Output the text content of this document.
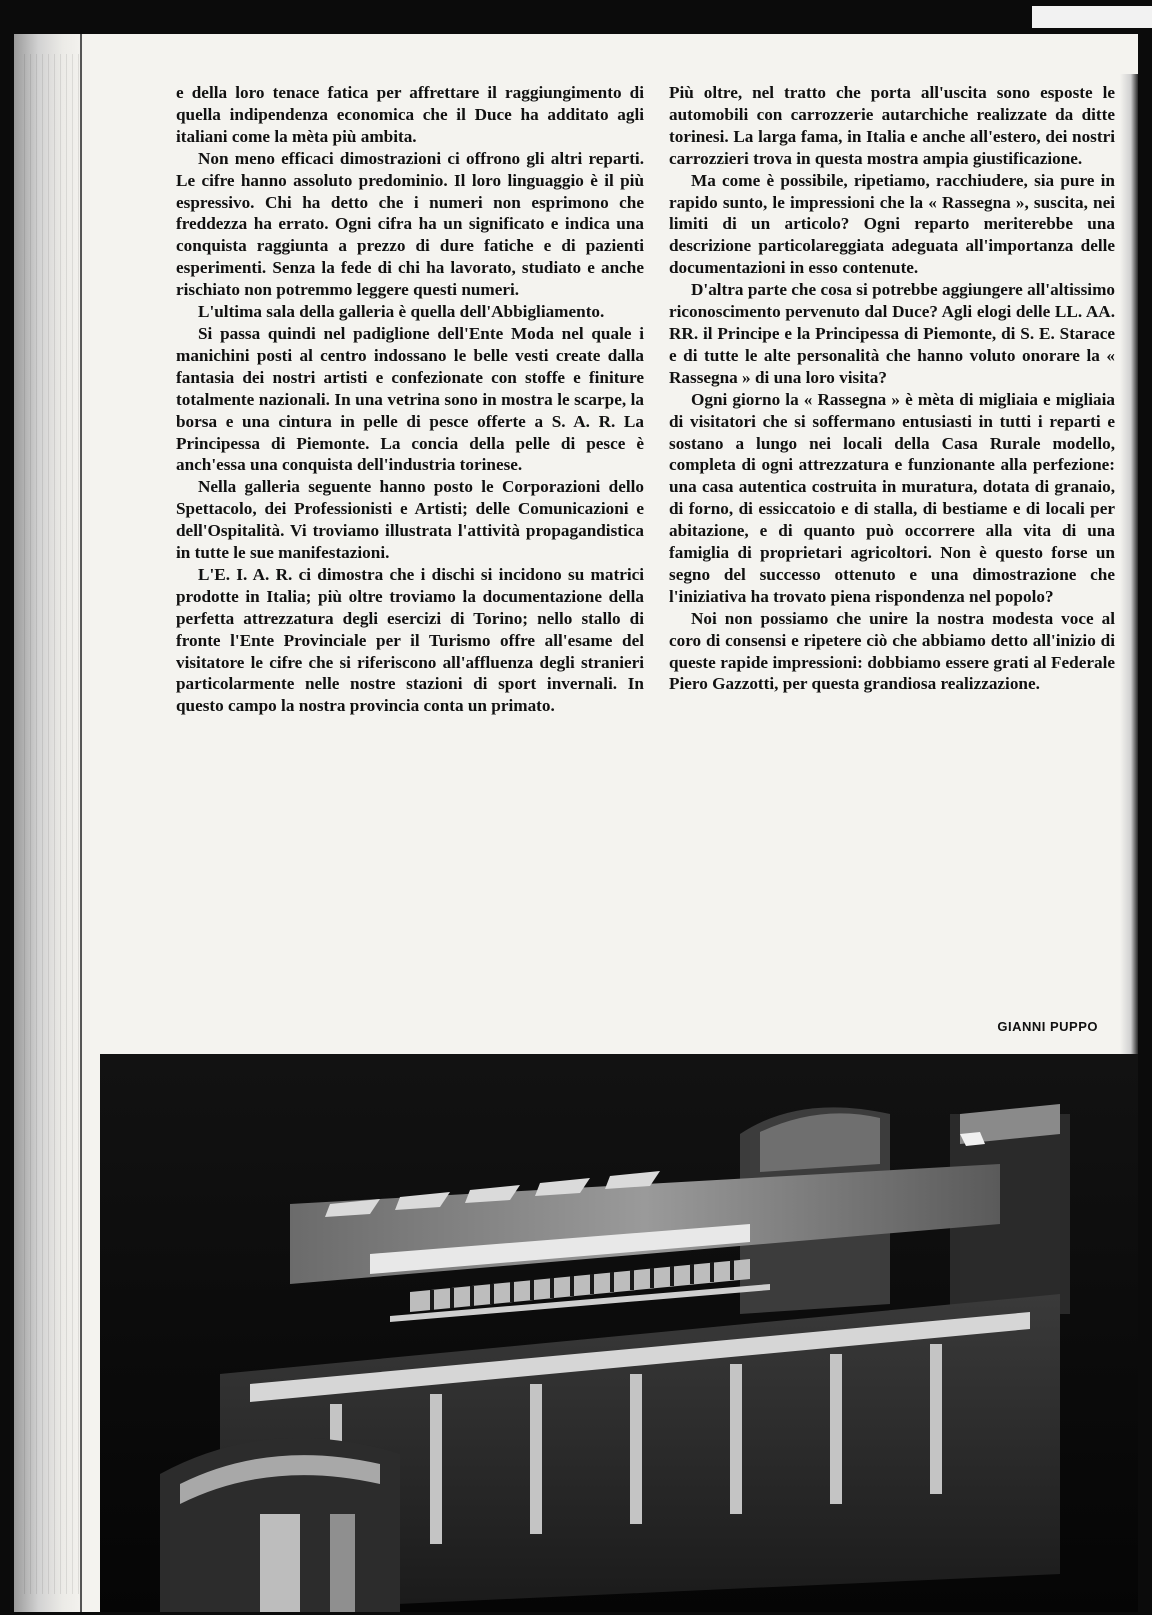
e della loro tenace fatica per affrettare il raggiungimento di quella indipendenza economica che il Duce ha additato agli italiani come la mèta più ambita.

Non meno efficaci dimostrazioni ci offrono gli altri reparti. Le cifre hanno assoluto predominio. Il loro linguaggio è il più espressivo. Chi ha detto che i numeri non esprimono che freddezza ha errato. Ogni cifra ha un significato e indica una conquista raggiunta a prezzo di dure fatiche e di pazienti esperimenti. Senza la fede di chi ha lavorato, studiato e anche rischiato non potremmo leggere questi numeri.

L'ultima sala della galleria è quella dell'Abbigliamento.

Si passa quindi nel padiglione dell'Ente Moda nel quale i manichini posti al centro indossano le belle vesti create dalla fantasia dei nostri artisti e confezionate con stoffe e finiture totalmente nazionali. In una vetrina sono in mostra le scarpe, la borsa e una cintura in pelle di pesce offerte a S. A. R. La Principessa di Piemonte. La concia della pelle di pesce è anch'essa una conquista dell'industria torinese.

Nella galleria seguente hanno posto le Corporazioni dello Spettacolo, dei Professionisti e Artisti; delle Comunicazioni e dell'Ospitalità. Vi troviamo illustrata l'attività propagandistica in tutte le sue manifestazioni.

L'E. I. A. R. ci dimostra che i dischi si incidono su matrici prodotte in Italia; più oltre troviamo la documentazione della perfetta attrezzatura degli esercizi di Torino; nello stallo di fronte l'Ente Provinciale per il Turismo offre all'esame del visitatore le cifre che si riferiscono all'affluenza degli stranieri particolarmente nelle nostre stazioni di sport invernali. In questo campo la nostra provincia conta un primato.

Più oltre, nel tratto che porta all'uscita sono esposte le automobili con carrozzerie autarchiche realizzate da ditte torinesi. La larga fama, in Italia e anche all'estero, dei nostri carrozzieri trova in questa mostra ampia giustificazione.

Ma come è possibile, ripetiamo, racchiudere, sia pure in rapido sunto, le impressioni che la « Rassegna », suscita, nei limiti di un articolo? Ogni reparto meriterebbe una descrizione particolareggiata adeguata all'importanza delle documentazioni in esso contenute.

D'altra parte che cosa si potrebbe aggiungere all'altissimo riconoscimento pervenuto dal Duce? Agli elogi delle LL. AA. RR. il Principe e la Principessa di Piemonte, di S. E. Starace e di tutte le alte personalità che hanno voluto onorare la « Rassegna » di una loro visita?

Ogni giorno la « Rassegna » è mèta di migliaia e migliaia di visitatori che si soffermano entusiasti in tutti i reparti e sostano a lungo nei locali della Casa Rurale modello, completa di ogni attrezzatura e funzionante alla perfezione: una casa autentica costruita in muratura, dotata di granaio, di forno, di essiccatoio e di stalla, di bestiame e di locali per abitazione, e di quanto può occorrere alla vita di una famiglia di proprietari agricoltori. Non è questo forse un segno del successo ottenuto e una dimostrazione che l'iniziativa ha trovato piena rispondenza nel popolo?

Noi non possiamo che unire la nostra modesta voce al coro di consensi e ripetere ciò che abbiamo detto all'inizio di queste rapide impressioni: dobbiamo essere grati al Federale Piero Gazzotti, per questa grandiosa realizzazione.

GIANNI PUPPO
